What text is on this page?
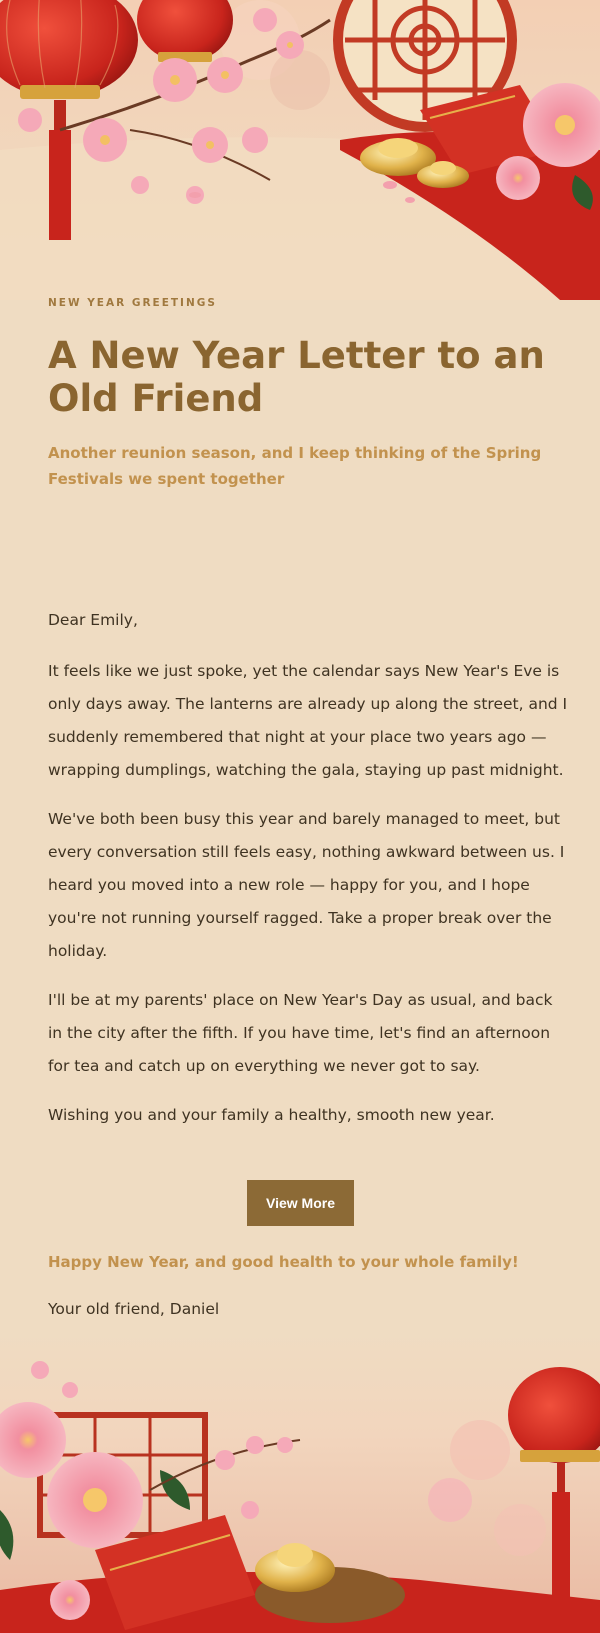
NEW YEAR GREETINGS
A New Year Letter to an Old Friend
Another reunion season, and I keep thinking of the Spring Festivals we spent together

Dear Emily,

It feels like we just spoke, yet the calendar says New Year's Eve is only days away. The lanterns are already up along the street, and I suddenly remembered that night at your place two years ago — wrapping dumplings, watching the gala, staying up past midnight.

We've both been busy this year and barely managed to meet, but every conversation still feels easy, nothing awkward between us. I heard you moved into a new role — happy for you, and I hope you're not running yourself ragged. Take a proper break over the holiday.

I'll be at my parents' place on New Year's Day as usual, and back in the city after the fifth. If you have time, let's find an afternoon for tea and catch up on everything we never got to say.

Wishing you and your family a healthy, smooth new year.

View More
Happy New Year, and good health to your whole family!
Your old friend, Daniel
